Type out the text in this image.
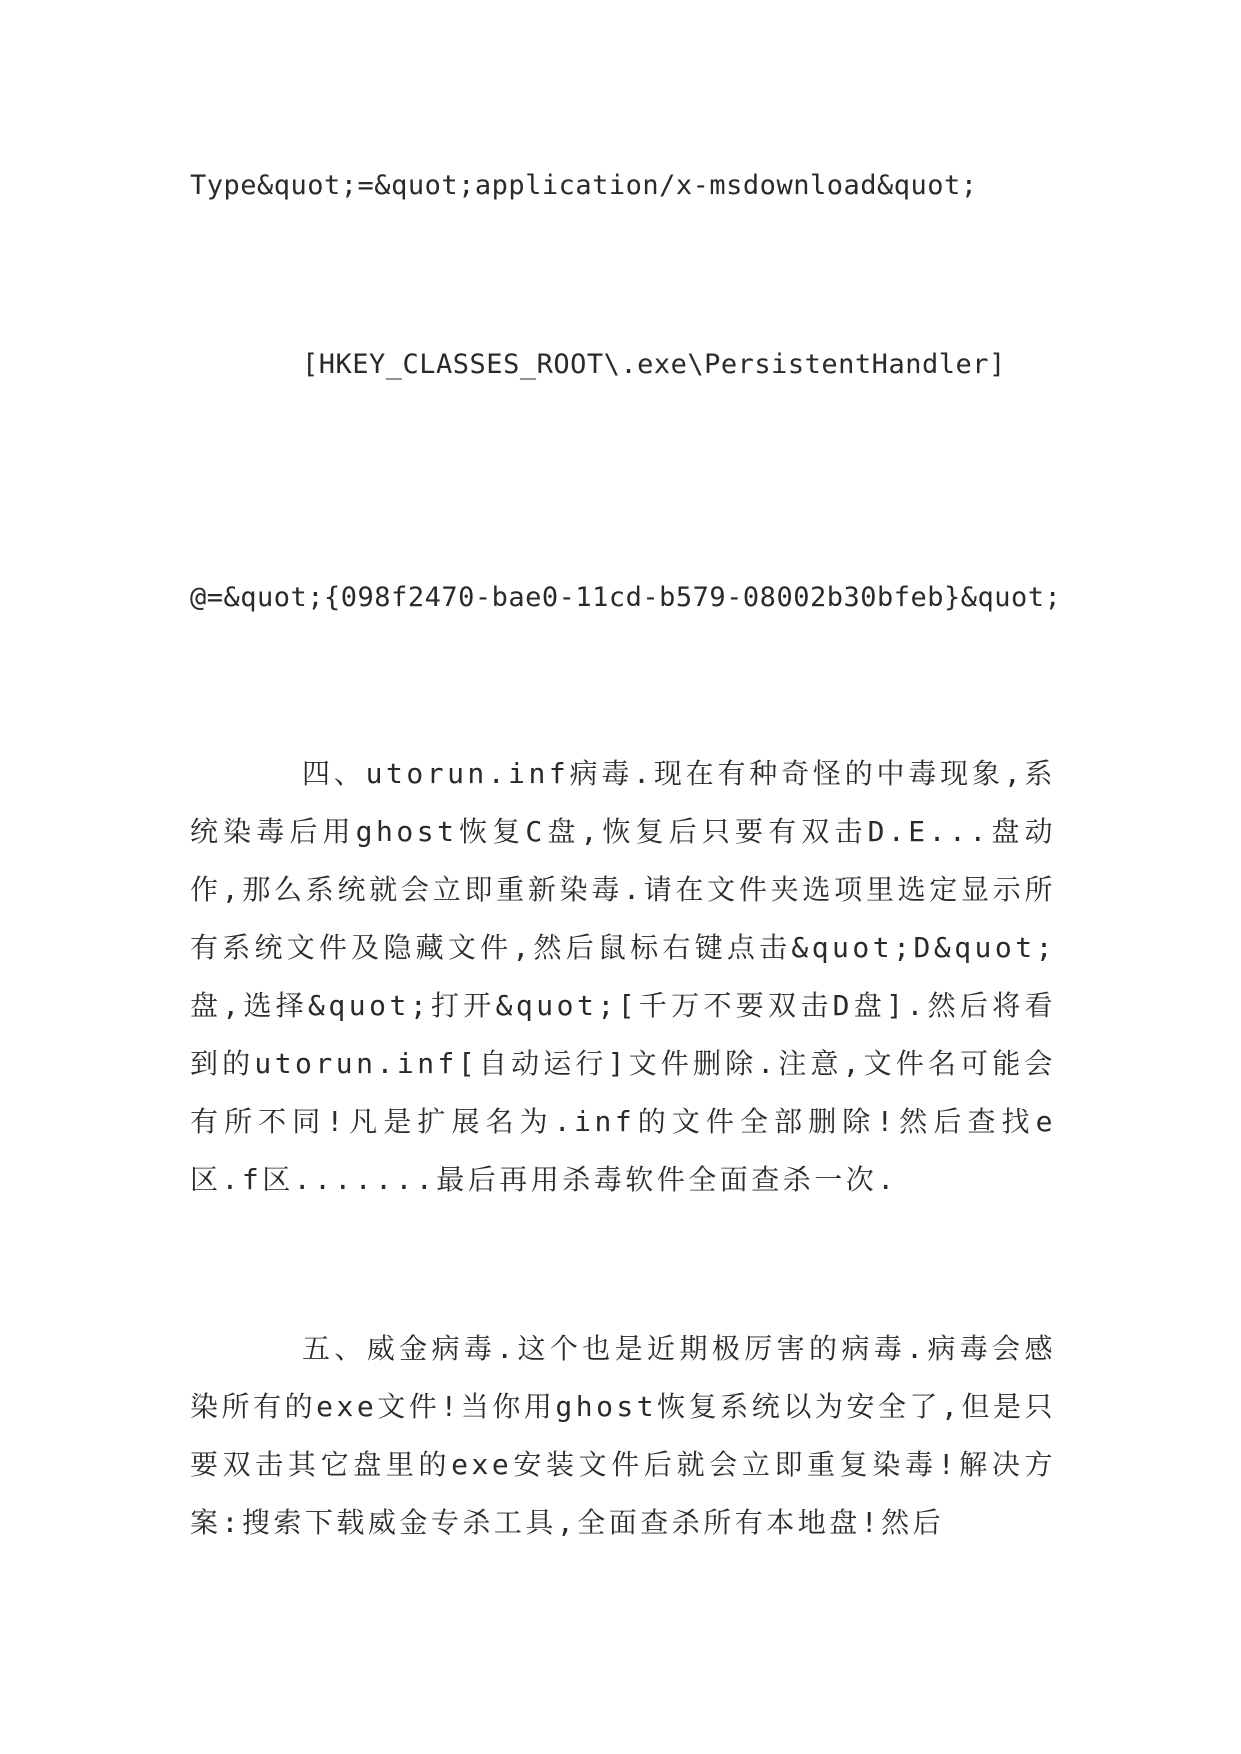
Type&quot;=&quot;application/x-msdownload&quot;
[HKEY_CLASSES_ROOT\.exe\PersistentHandler]
@=&quot;{098f2470-bae0-11cd-b579-08002b30bfeb}&quot;

四、utorun.inf病毒.现在有种奇怪的中毒现象,系统染毒后用ghost恢复C盘,恢复后只要有双击D.E...盘动作,那么系统就会立即重新染毒.请在文件夹选项里选定显示所有系统文件及隐藏文件,然后鼠标右键点击&quot;D&quot;盘,选择&quot;打开&quot;[千万不要双击D盘].然后将看到的utorun.inf[自动运行]文件删除.注意,文件名可能会有所不同!凡是扩展名为.inf的文件全部删除!然后查找e区.f区.......最后再用杀毒软件全面查杀一次.

五、威金病毒.这个也是近期极厉害的病毒.病毒会感染所有的exe文件!当你用ghost恢复系统以为安全了,但是只要双击其它盘里的exe安装文件后就会立即重复染毒!解决方案:搜索下载威金专杀工具,全面查杀所有本地盘!然后
